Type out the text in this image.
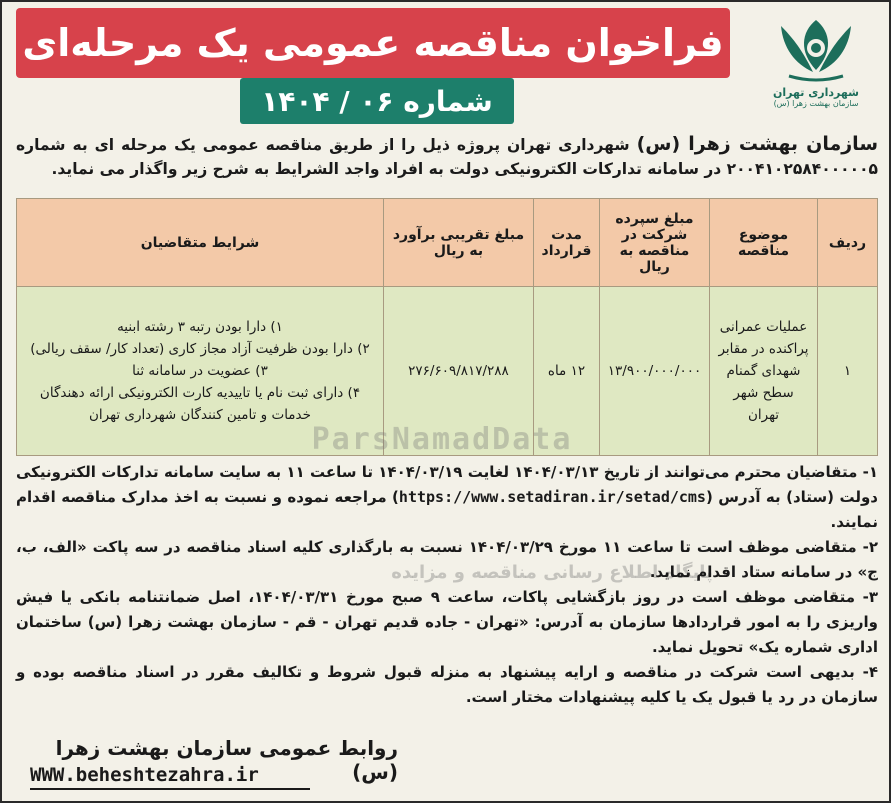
فراخوان مناقصه عمومی یک مرحله‌ای
شماره ۰۶ / ۱۴۰۴	شهرداری تهران
سازمان بهشت زهرا (س)
سازمان بهشت زهرا (س) شهرداری تهران پروژه ذیل را از طریق مناقصه عمومی یک مرحله ای به شماره ۲۰۰۴۱۰۲۵۸۴۰۰۰۰۰۵ در سامانه تدارکات الکترونیکی دولت به افراد واجد الشرایط به شرح زیر واگذار می نماید.
ردیف	موضوع مناقصه	مبلغ سپرده شرکت در مناقصه به ریال	مدت قرارداد	مبلغ تقریبی برآورد به ریال	شرایط متقاضیان
۱	عملیات عمرانی پراکنده در مقابر شهدای گمنام سطح شهر تهران	۱۳/۹۰۰/۰۰۰/۰۰۰	۱۲ ماه	۲۷۶/۶۰۹/۸۱۷/۲۸۸	۱) دارا بودن رتبه ۳ رشته ابنیه
۲) دارا بودن ظرفیت آزاد مجاز کاری (تعداد کار/ سقف ریالی)
۳) عضویت در سامانه ثنا
۴) دارای ثبت نام یا تاییدیه کارت الکترونیکی ارائه دهندگان
خدمات و تامین کنندگان شهرداری تهران
ParsNamadData
پایگاه اطلاع رسانی مناقصه و مزایده

۱- متقاضیان محترم می‌توانند از تاریخ ۱۴۰۴/۰۳/۱۳ لغایت ۱۴۰۴/۰۳/۱۹ تا ساعت ۱۱ به سایت سامانه تدارکات الکترونیکی دولت (ستاد) به آدرس (https://www.setadiran.ir/setad/cms) مراجعه نموده و نسبت به اخذ مدارک مناقصه اقدام نمایند.

۲- متقاضی موظف است تا ساعت ۱۱ مورخ ۱۴۰۴/۰۳/۲۹ نسبت به بارگذاری کلیه اسناد مناقصه در سه پاکت «الف، ب، ج» در سامانه ستاد اقدام نماید.

۳- متقاضی موظف است در روز بازگشایی پاکات، ساعت ۹ صبح مورخ ۱۴۰۴/۰۳/۳۱، اصل ضمانتنامه بانکی یا فیش واریزی را به امور قراردادها سازمان به آدرس: «تهران - جاده قدیم تهران - قم - سازمان بهشت زهرا (س) ساختمان اداری شماره یک» تحویل نماید.

۴- بدیهی است شرکت در مناقصه و ارایه پیشنهاد به منزله قبول شروط و تکالیف مقرر در اسناد مناقصه بوده و سازمان در رد یا قبول یک یا کلیه پیشنهادات مختار است.

روابط عمومی سازمان بهشت زهرا (س)
WWW.beheshtezahra.ir
